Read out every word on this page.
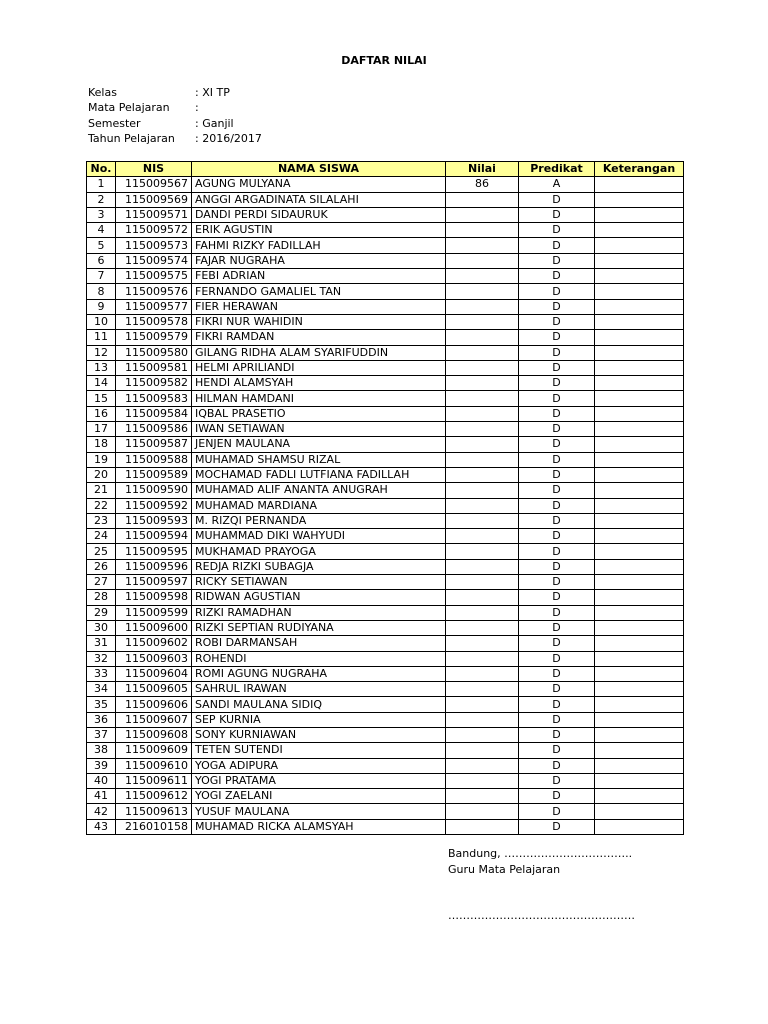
DAFTAR NILAI
Kelas	: XI TP
Mata Pelajaran	:
Semester	: Ganjil
Tahun Pelajaran	: 2016/2017
No.	NIS	NAMA SISWA	Nilai	Predikat	Keterangan
1	115009567	AGUNG MULYANA	86	A	
2	115009569	ANGGI ARGADINATA SILALAHI		D	
3	115009571	DANDI PERDI SIDAURUK		D	
4	115009572	ERIK AGUSTIN		D	
5	115009573	FAHMI RIZKY FADILLAH		D	
6	115009574	FAJAR NUGRAHA		D	
7	115009575	FEBI ADRIAN		D	
8	115009576	FERNANDO GAMALIEL TAN		D	
9	115009577	FIER HERAWAN		D	
10	115009578	FIKRI NUR WAHIDIN		D	
11	115009579	FIKRI RAMDAN		D	
12	115009580	GILANG RIDHA ALAM SYARIFUDDIN		D	
13	115009581	HELMI APRILIANDI		D	
14	115009582	HENDI ALAMSYAH		D	
15	115009583	HILMAN HAMDANI		D	
16	115009584	IQBAL PRASETIO		D	
17	115009586	IWAN SETIAWAN		D	
18	115009587	JENJEN MAULANA		D	
19	115009588	MUHAMAD SHAMSU RIZAL		D	
20	115009589	MOCHAMAD FADLI LUTFIANA FADILLAH		D	
21	115009590	MUHAMAD ALIF ANANTA ANUGRAH		D	
22	115009592	MUHAMAD MARDIANA		D	
23	115009593	M. RIZQI PERNANDA		D	
24	115009594	MUHAMMAD DIKI WAHYUDI		D	
25	115009595	MUKHAMAD PRAYOGA		D	
26	115009596	REDJA RIZKI SUBAGJA		D	
27	115009597	RICKY SETIAWAN		D	
28	115009598	RIDWAN AGUSTIAN		D	
29	115009599	RIZKI RAMADHAN		D	
30	115009600	RIZKI SEPTIAN RUDIYANA		D	
31	115009602	ROBI DARMANSAH		D	
32	115009603	ROHENDI		D	
33	115009604	ROMI AGUNG NUGRAHA		D	
34	115009605	SAHRUL IRAWAN		D	
35	115009606	SANDI MAULANA SIDIQ		D	
36	115009607	SEP KURNIA		D	
37	115009608	SONY KURNIAWAN		D	
38	115009609	TETEN SUTENDI		D	
39	115009610	YOGA ADIPURA		D	
40	115009611	YOGI PRATAMA		D	
41	115009612	YOGI ZAELANI		D	
42	115009613	YUSUF MAULANA		D	
43	216010158	MUHAMAD RICKA ALAMSYAH		D	
Bandung, ……………………………..
Guru Mata Pelajaran
……………………………………………
